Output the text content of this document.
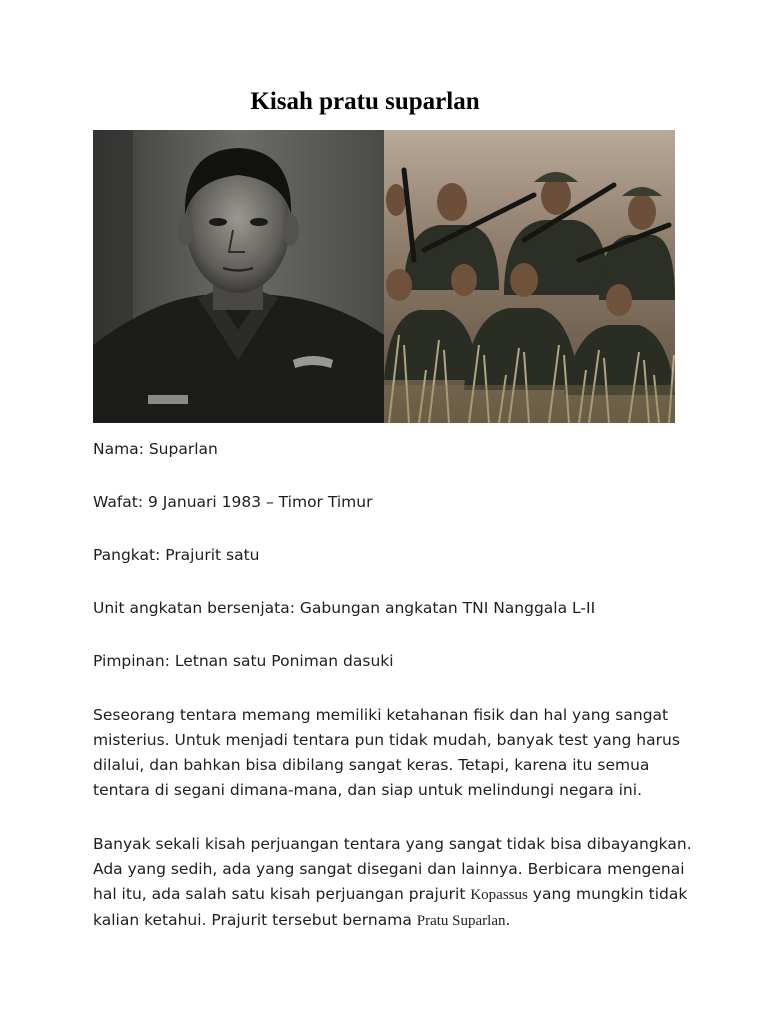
Kisah pratu suparlan

Nama: Suparlan

Wafat: 9 Januari 1983 – Timor Timur

Pangkat: Prajurit satu

Unit angkatan bersenjata: Gabungan angkatan TNI Nanggala L-II

Pimpinan: Letnan satu Poniman dasuki

Seseorang tentara memang memiliki ketahanan fisik dan hal yang sangat misterius. Untuk menjadi tentara pun tidak mudah, banyak test yang harus dilalui, dan bahkan bisa dibilang sangat keras. Tetapi, karena itu semua tentara di segani dimana-mana, dan siap untuk melindungi negara ini.

Banyak sekali kisah perjuangan tentara yang sangat tidak bisa dibayangkan. Ada yang sedih, ada yang sangat disegani dan lainnya. Berbicara mengenai hal itu, ada salah satu kisah perjuangan prajurit Kopassus yang mungkin tidak kalian ketahui. Prajurit tersebut bernama Pratu Suparlan.
